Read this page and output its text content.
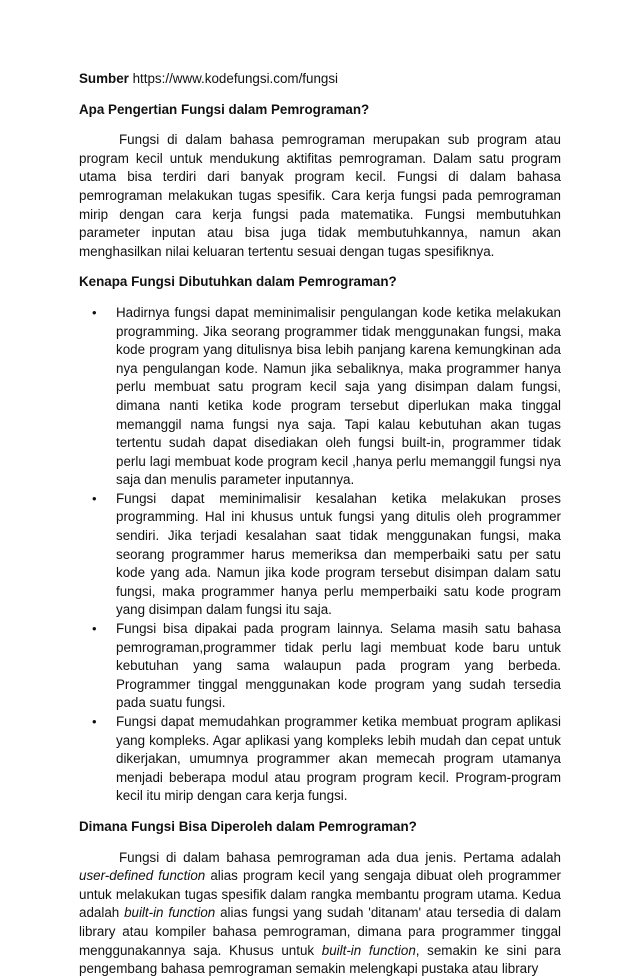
Sumber https://www.kodefungsi.com/fungsi

Apa Pengertian Fungsi dalam Pemrograman?

Fungsi di dalam bahasa pemrograman merupakan sub program atau program kecil untuk mendukung aktifitas pemrograman. Dalam satu program utama bisa terdiri dari banyak program kecil. Fungsi di dalam bahasa pemrograman melakukan tugas spesifik. Cara kerja fungsi pada pemrograman mirip dengan cara kerja fungsi pada matematika. Fungsi membutuhkan parameter inputan atau bisa juga tidak membutuhkannya, namun akan menghasilkan nilai keluaran tertentu sesuai dengan tugas spesifiknya.

Kenapa Fungsi Dibutuhkan dalam Pemrograman?

• Hadirnya fungsi dapat meminimalisir pengulangan kode ketika melakukan programming. Jika seorang programmer tidak menggunakan fungsi, maka kode program yang ditulisnya bisa lebih panjang karena kemungkinan ada nya pengulangan kode. Namun jika sebaliknya, maka programmer hanya perlu membuat satu program kecil saja yang disimpan dalam fungsi, dimana nanti ketika kode program tersebut diperlukan maka tinggal memanggil nama fungsi nya saja. Tapi kalau kebutuhan akan tugas tertentu sudah dapat disediakan oleh fungsi built-in, programmer tidak perlu lagi membuat kode program kecil ,hanya perlu memanggil fungsi nya saja dan menulis parameter inputannya.
• Fungsi dapat meminimalisir kesalahan ketika melakukan proses programming. Hal ini khusus untuk fungsi yang ditulis oleh programmer sendiri. Jika terjadi kesalahan saat tidak menggunakan fungsi, maka seorang programmer harus memeriksa dan memperbaiki satu per satu kode yang ada. Namun jika kode program tersebut disimpan dalam satu fungsi, maka programmer hanya perlu memperbaiki satu kode program yang disimpan dalam fungsi itu saja.
• Fungsi bisa dipakai pada program lainnya. Selama masih satu bahasa pemrograman,programmer tidak perlu lagi membuat kode baru untuk kebutuhan yang sama walaupun pada program yang berbeda. Programmer tinggal menggunakan kode program yang sudah tersedia pada suatu fungsi.
• Fungsi dapat memudahkan programmer ketika membuat program aplikasi yang kompleks. Agar aplikasi yang kompleks lebih mudah dan cepat untuk dikerjakan, umumnya programmer akan memecah program utamanya menjadi beberapa modul atau program program kecil. Program-program kecil itu mirip dengan cara kerja fungsi.

Dimana Fungsi Bisa Diperoleh dalam Pemrograman?

Fungsi di dalam bahasa pemrograman ada dua jenis. Pertama adalah user-defined function alias program kecil yang sengaja dibuat oleh programmer untuk melakukan tugas spesifik dalam rangka membantu program utama. Kedua adalah built-in function alias fungsi yang sudah 'ditanam' atau tersedia di dalam library atau kompiler bahasa pemrograman, dimana para programmer tinggal menggunakannya saja. Khusus untuk built-in function, semakin ke sini para pengembang bahasa pemrograman semakin melengkapi pustaka atau library
